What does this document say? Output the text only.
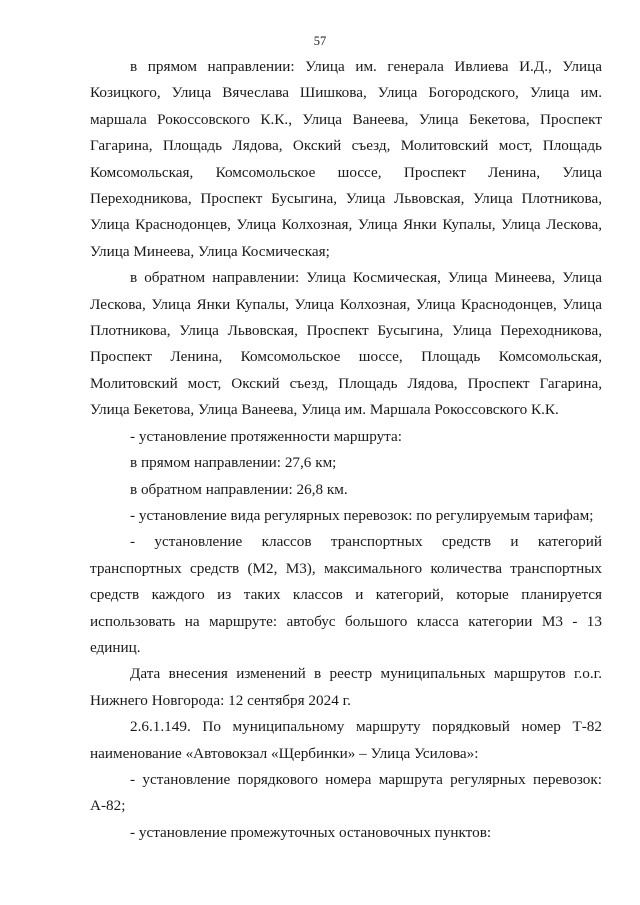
57

в прямом направлении: Улица им. генерала Ивлиева И.Д., Улица Козицкого, Улица Вячеслава Шишкова, Улица Богородского, Улица им. маршала Рокоссовского К.К., Улица Ванеева, Улица Бекетова, Проспект Гагарина, Площадь Лядова, Окский съезд, Молитовский мост, Площадь Комсомольская, Комсомольское шоссе, Проспект Ленина, Улица Переходникова, Проспект Бусыгина, Улица Львовская, Улица Плотникова, Улица Краснодонцев, Улица Колхозная, Улица Янки Купалы, Улица Лескова, Улица Минеева, Улица Космическая;

в обратном направлении: Улица Космическая, Улица Минеева, Улица Лескова, Улица Янки Купалы, Улица Колхозная, Улица Краснодонцев, Улица Плотникова, Улица Львовская, Проспект Бусыгина, Улица Переходникова, Проспект Ленина, Комсомольское шоссе, Площадь Комсомольская, Молитовский мост, Окский съезд, Площадь Лядова, Проспект Гагарина, Улица Бекетова, Улица Ванеева, Улица им. Маршала Рокоссовского К.К.

- установление протяженности маршрута:

в прямом направлении: 27,6 км;

в обратном направлении: 26,8 км.

- установление вида регулярных перевозок: по регулируемым тарифам;

- установление классов транспортных средств и категорий транспортных средств (М2, М3), максимального количества транспортных средств каждого из таких классов и категорий, которые планируется использовать на маршруте: автобус большого класса категории М3 - 13 единиц.

Дата внесения изменений в реестр муниципальных маршрутов г.о.г. Нижнего Новгорода: 12 сентября 2024 г.

2.6.1.149. По муниципальному маршруту порядковый номер Т-82 наименование «Автовокзал «Щербинки» – Улица Усилова»:

- установление порядкового номера маршрута регулярных перевозок: А-82;

- установление промежуточных остановочных пунктов:
